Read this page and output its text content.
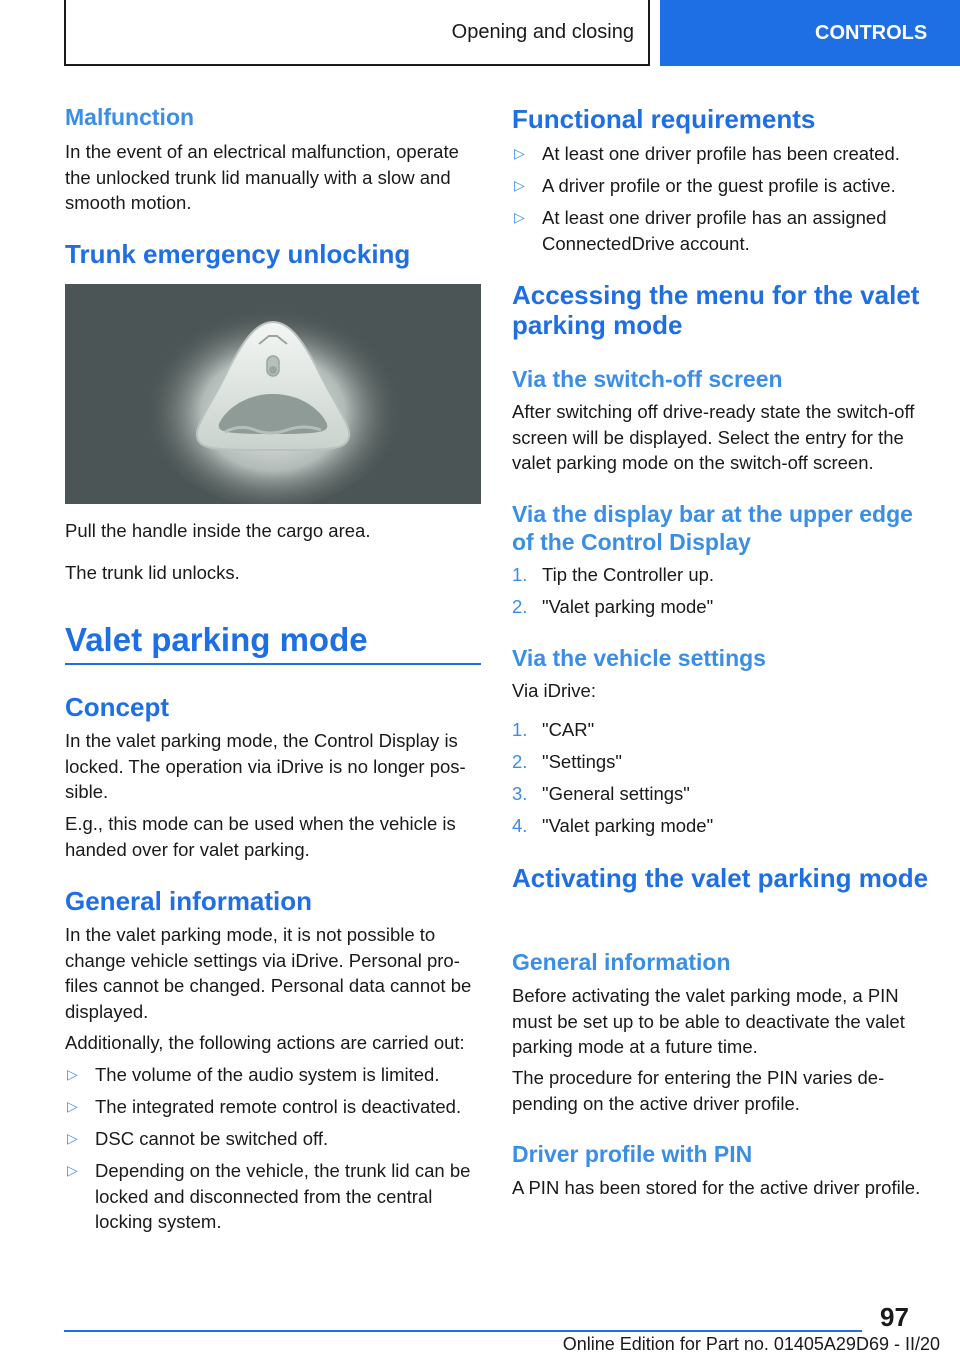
Opening and closing	CONTROLS
Malfunction

In the event of an electrical malfunction, operate the unlocked trunk lid manually with a slow and smooth motion.

Trunk emergency unlocking

Pull the handle inside the cargo area.

The trunk lid unlocks.

Valet parking mode
Concept

In the valet parking mode, the Control Display is locked. The operation via iDrive is no longer possible.

E.g., this mode can be used when the vehicle is handed over for valet parking.

General information

In the valet parking mode, it is not possible to change vehicle settings via iDrive. Personal profiles cannot be changed. Personal data cannot be displayed.

Additionally, the following actions are carried out:

▷ The volume of the audio system is limited.
▷ The integrated remote control is deactivated.
▷ DSC cannot be switched off.
▷ Depending on the vehicle, the trunk lid can be locked and disconnected from the central locking system.
Functional requirements
▷ At least one driver profile has been created.
▷ A driver profile or the guest profile is active.
▷ At least one driver profile has an assigned ConnectedDrive account.
Accessing the menu for the valet parking mode
Via the switch-off screen

After switching off drive-ready state the switch-off screen will be displayed. Select the entry for the valet parking mode on the switch-off screen.

Via the display bar at the upper edge of the Control Display
1. Tip the Controller up.
2. "Valet parking mode"
Via the vehicle settings

Via iDrive:

1. "CAR"
2. "Settings"
3. "General settings"
4. "Valet parking mode"
Activating the valet parking mode
General information

Before activating the valet parking mode, a PIN must be set up to be able to deactivate the valet parking mode at a future time.

The procedure for entering the PIN varies depending on the active driver profile.

Driver profile with PIN

A PIN has been stored for the active driver profile.

97
Online Edition for Part no. 01405A29D69 - II/20
